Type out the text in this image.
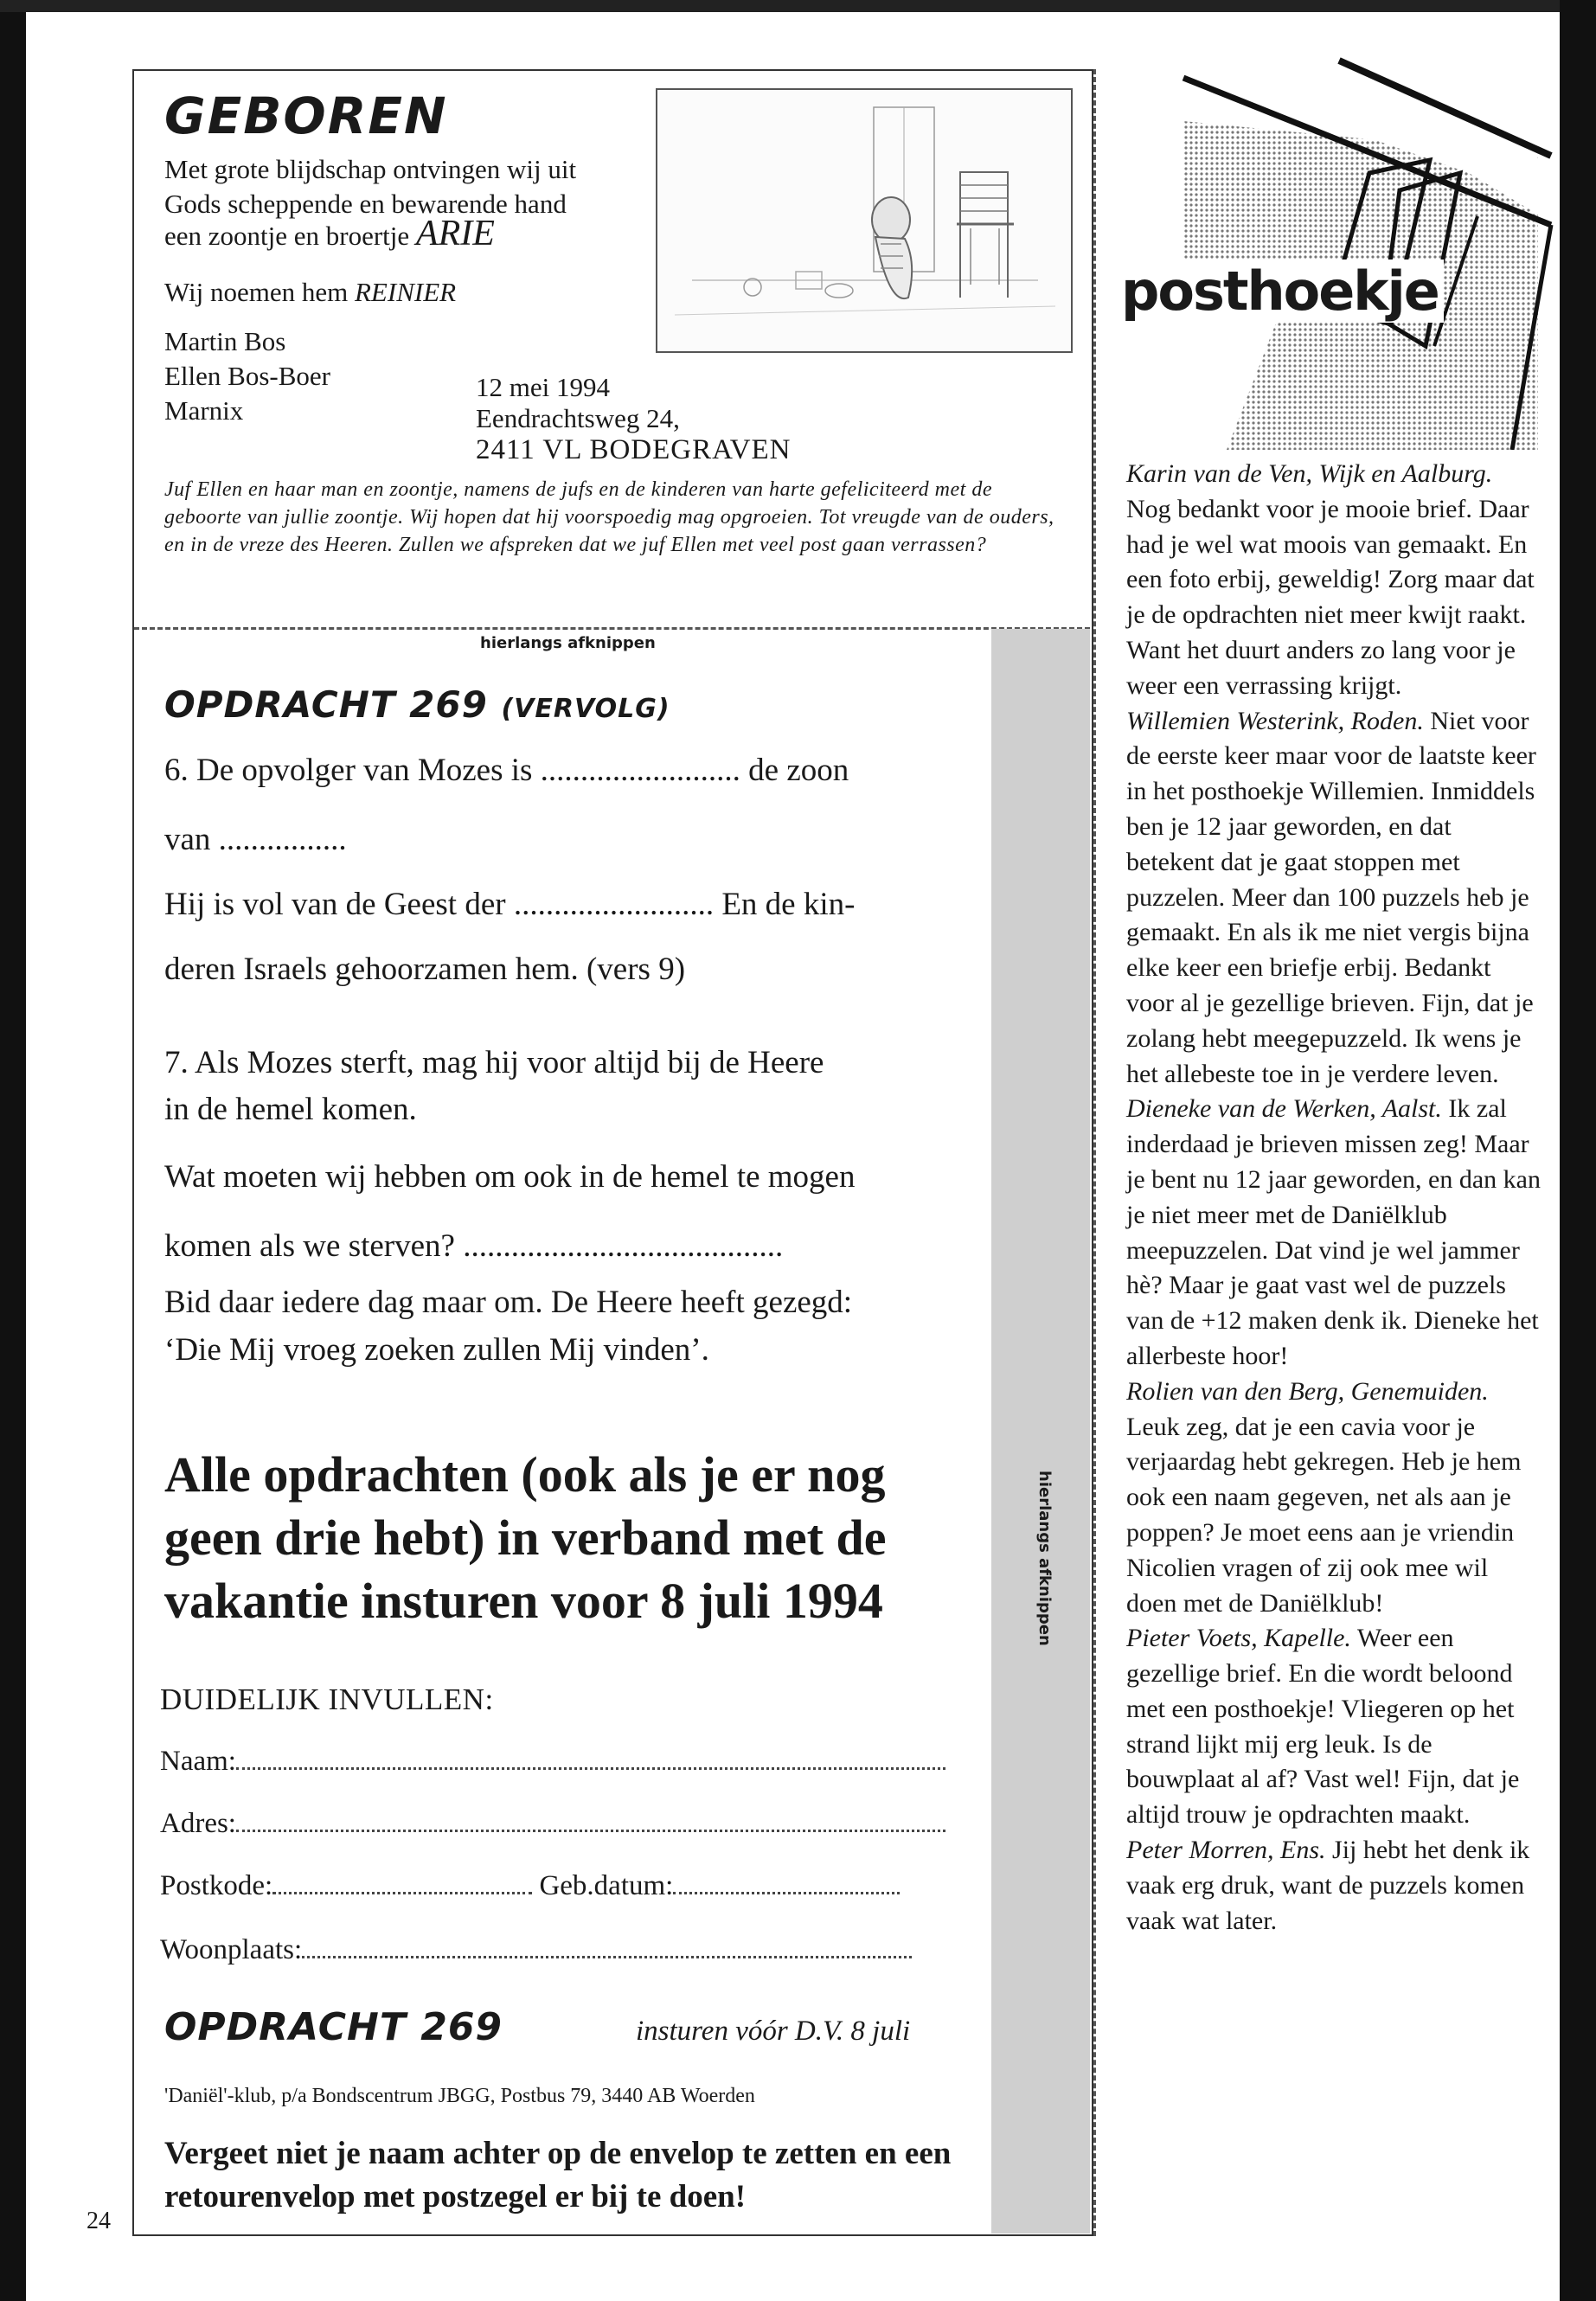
GEBOREN
Met grote blijdschap ontvingen wij uit
Gods scheppende en bewarende hand
een zoontje en broertje ARIE
Wij noemen hem REINIER
Martin Bos
Ellen Bos-Boer
Marnix
12 mei 1994
Eendrachtsweg 24,
2411 VL BODEGRAVEN
Juf Ellen en haar man en zoontje, namens de jufs en de kinderen van harte gefeliciteerd met de geboorte van jullie zoontje. Wij hopen dat hij voorspoedig mag opgroeien. Tot vreugde van de ouders, en in de vreze des Heeren. Zullen we afspreken dat we juf Ellen met veel post gaan verrassen?
hierlangs afknippen
hierlangs afknippen
OPDRACHT 269 (VERVOLG)
6. De opvolger van Mozes is ......................... de zoon
van ................
Hij is vol van de Geest der ......................... En de kin-
deren Israels gehoorzamen hem. (vers 9)
7. Als Mozes sterft, mag hij voor altijd bij de Heere
in de hemel komen.
Wat moeten wij hebben om ook in de hemel te mogen
komen als we sterven? ........................................
Bid daar iedere dag maar om. De Heere heeft gezegd:
‘Die Mij vroeg zoeken zullen Mij vinden’.
Alle opdrachten (ook als je er nog geen drie hebt) in verband met de vakantie insturen voor 8 juli 1994
DUIDELIJK INVULLEN:
Naam:
Adres:
Postkode:	Geb.datum:
Woonplaats:
OPDRACHT 269	insturen vóór D.V. 8 juli
'Daniël'-klub, p/a Bondscentrum JBGG, Postbus 79, 3440 AB Woerden
Vergeet niet je naam achter op de envelop te zetten en een retourenvelop met postzegel er bij te doen!
24
posthoekje

Karin van de Ven, Wijk en Aalburg. Nog bedankt voor je mooie brief. Daar had je wel wat moois van gemaakt. En een foto erbij, geweldig! Zorg maar dat je de opdrachten niet meer kwijt raakt. Want het duurt anders zo lang voor je weer een verrassing krijgt.

Willemien Westerink, Roden. Niet voor de eerste keer maar voor de laatste keer in het posthoekje Willemien. Inmiddels ben je 12 jaar geworden, en dat betekent dat je gaat stoppen met puzzelen. Meer dan 100 puzzels heb je gemaakt. En als ik me niet vergis bijna elke keer een briefje erbij. Bedankt voor al je gezellige brieven. Fijn, dat je zolang hebt meegepuzzeld. Ik wens je het allebeste toe in je verdere leven.

Dieneke van de Werken, Aalst. Ik zal inderdaad je brieven missen zeg! Maar je bent nu 12 jaar geworden, en dan kan je niet meer met de Daniëlklub meepuzzelen. Dat vind je wel jammer hè? Maar je gaat vast wel de puzzels van de +12 maken denk ik. Dieneke het allerbeste hoor!

Rolien van den Berg, Genemuiden. Leuk zeg, dat je een cavia voor je verjaardag hebt gekregen. Heb je hem ook een naam gegeven, net als aan je poppen? Je moet eens aan je vriendin Nicolien vragen of zij ook mee wil doen met de Daniëlklub!

Pieter Voets, Kapelle. Weer een gezellige brief. En die wordt beloond met een posthoekje! Vliegeren op het strand lijkt mij erg leuk. Is de bouwplaat al af? Vast wel! Fijn, dat je altijd trouw je opdrachten maakt.

Peter Morren, Ens. Jij hebt het denk ik vaak erg druk, want de puzzels komen vaak wat later.
